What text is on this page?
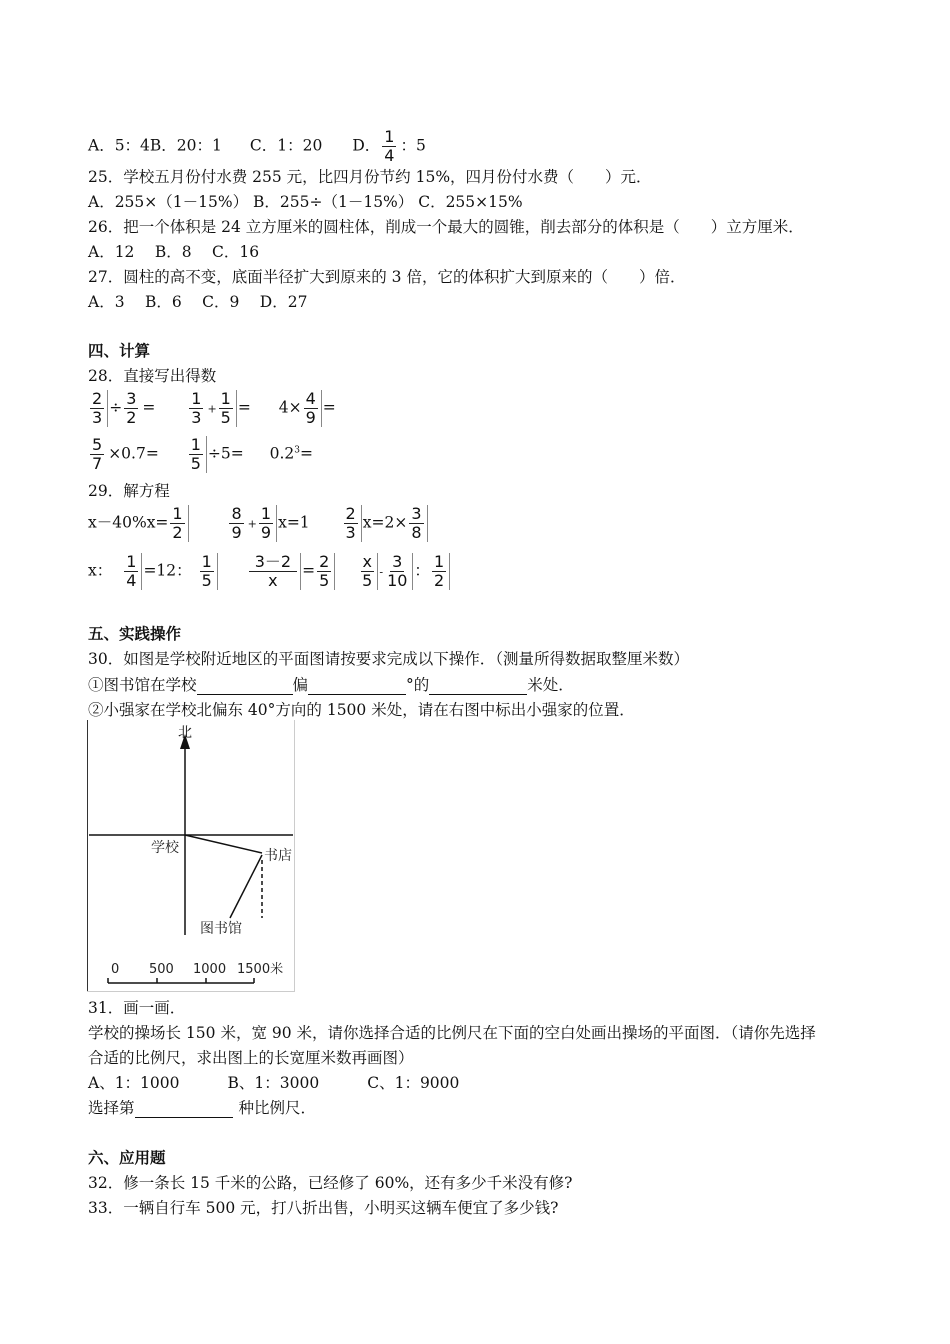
A．5：4B．20：1 C．1：20 D． $\frac{1}{4}$ ：5
25．学校五月份付水费 255 元，比四月份节约 15%，四月份付水费（　　）元．
A．255×（1－15%） B．255÷（1－15%） C．255×15%
26．把一个体积是 24 立方厘米的圆柱体，削成一个最大的圆锥，削去部分的体积是（　　）立方厘米．
A．12 　B．8 　C．16
27．圆柱的高不变，底面半径扩大到原来的 3 倍，它的体积扩大到原来的（　　）倍．
A．3 　B．6 　C．9 　D．27
四、计算
28．直接写出得数
$\frac{2}{3} \div \frac{3}{2} = \frac{1}{3} + \frac{1}{5} = 4\times \frac{4}{9}$ =
$\frac{5}{7} \times 0.7= \frac{1}{5} \div 5= 0.2^3=$
29．解方程
$x-40\%x= \frac{1}{2}$
$\frac{8}{9} + \frac{1}{9} x=1 \frac{2}{3} x=2\times \frac{3}{8}$
x： $\frac{1}{4} =12$： $\frac{1}{5}$
$\frac{3-2}{x} = \frac{2}{5}$
$\frac{x}{5} - \frac{3}{10}$ ： $\frac{1}{2}$
五、实践操作
30．如图是学校附近地区的平面图请按要求完成以下操作．（测量所得数据取整厘米数）
①图书馆在学校	偏	°的	米处．
②小强家在学校北偏东 40°方向的 1500 米处，请在右图中标出小强家的位置．
北
学校	书店
图书馆
0 500 1000 1500米
31．画一画．
学校的操场长 150 米，宽 90 米，请你选择合适的比例尺在下面的空白处画出操场的平面图．（请你先选择
合适的比例尺，求出图上的长宽厘米数再画图）
A、1：1000	B、1：3000	C、1：9000
选择第	种比例尺．
六、应用题
32．修一条长 15 千米的公路，已经修了 60%，还有多少千米没有修?
33．一辆自行车 500 元，打八折出售，小明买这辆车便宜了多少钱?
